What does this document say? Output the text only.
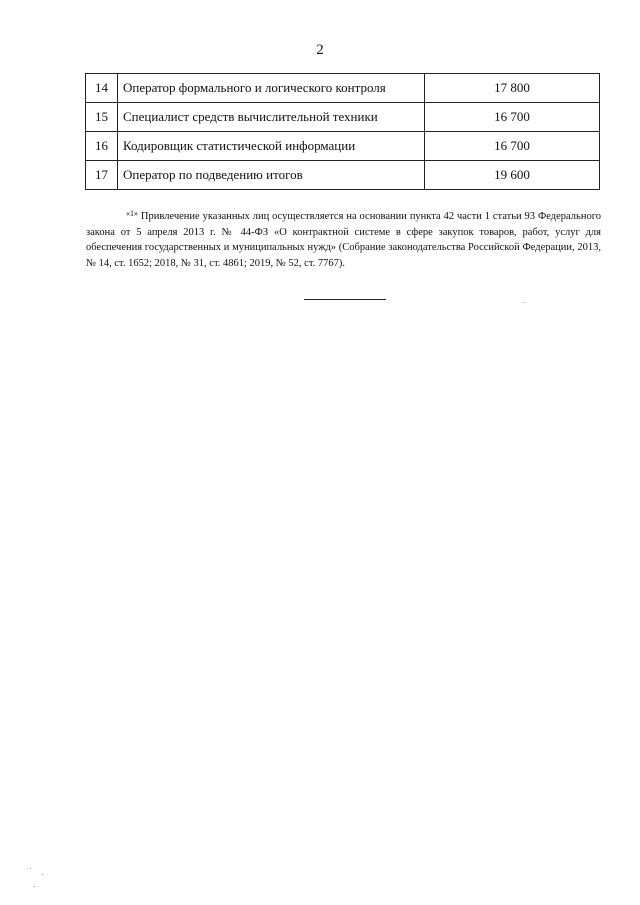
2
14	Оператор формального и логического контроля	17 800
15	Специалист средств вычислительной техники	16 700
16	Кодировщик статистической информации	16 700
17	Оператор по подведению итогов	19 600
$^{«1»}$ Привлечение указанных лиц осуществляется на основании пункта 42 части 1 статьи 93 Федерального закона от 5 апреля 2013 г. № 44-ФЗ «О контрактной системе в сфере закупок товаров, работ, услуг для обеспечения государственных и муниципальных нужд» (Собрание законодательства Российской Федерации, 2013, № 14, ст. 1652; 2018, № 31, ст. 4861; 2019, № 52, ст. 7767).
